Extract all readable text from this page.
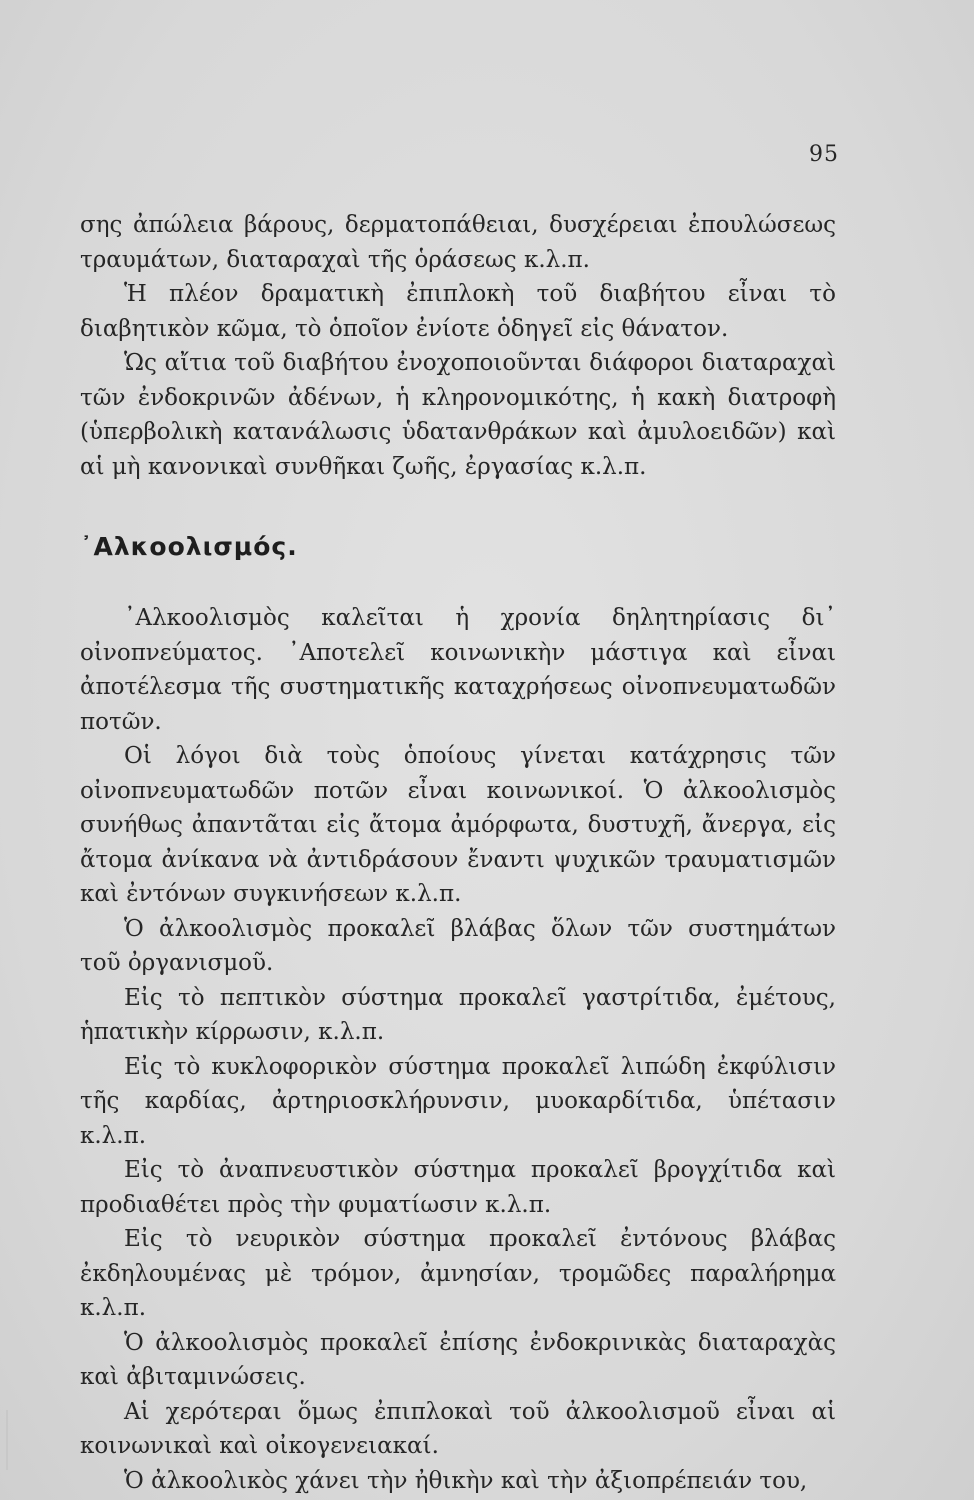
95

σης ἀπώλεια βάρους, δερματοπάθειαι, δυσχέρειαι ἐπουλώσεως τραυμάτων, διαταραχαὶ τῆς ὁράσεως κ.λ.π.

Ἡ πλέον δραματικὴ ἐπιπλοκὴ τοῦ διαβήτου εἶναι τὸ διαβητικὸν κῶμα, τὸ ὁποῖον ἐνίοτε ὁδηγεῖ εἰς θάνατον.

Ὡς αἴτια τοῦ διαβήτου ἐνοχοποιοῦνται διάφοροι διαταραχαὶ τῶν ἐνδοκρινῶν ἀδένων, ἡ κληρονομικότης, ἡ κακὴ διατροφὴ (ὑπερβολικὴ κατανάλωσις ὑδατανθράκων καὶ ἀμυλοειδῶν) καὶ αἱ μὴ κανονικαὶ συνθῆκαι ζωῆς, ἐργασίας κ.λ.π.

᾿Αλκοολισμός.

᾿Αλκοολισμὸς καλεῖται ἡ χρονία δηλητηρίασις δι᾿ οἰνοπνεύματος. ᾿Αποτελεῖ κοινωνικὴν μάστιγα καὶ εἶναι ἀποτέλεσμα τῆς συστηματικῆς καταχρήσεως οἰνοπνευματωδῶν ποτῶν.

Οἱ λόγοι διὰ τοὺς ὁποίους γίνεται κατάχρησις τῶν οἰνοπνευματωδῶν ποτῶν εἶναι κοινωνικοί. Ὁ ἀλκοολισμὸς συνήθως ἀπαντᾶται εἰς ἄτομα ἀμόρφωτα, δυστυχῆ, ἄνεργα, εἰς ἄτομα ἀνίκανα νὰ ἀντιδράσουν ἔναντι ψυχικῶν τραυματισμῶν καὶ ἐντόνων συγκινήσεων κ.λ.π.

Ὁ ἀλκοολισμὸς προκαλεῖ βλάβας ὅλων τῶν συστημάτων τοῦ ὀργανισμοῦ.

Εἰς τὸ πεπτικὸν σύστημα προκαλεῖ γαστρίτιδα, ἐμέτους, ἡπατικὴν κίρρωσιν, κ.λ.π.

Εἰς τὸ κυκλοφορικὸν σύστημα προκαλεῖ λιπώδη ἐκφύλισιν τῆς καρδίας, ἀρτηριοσκλήρυνσιν, μυοκαρδίτιδα, ὑπέτασιν κ.λ.π.

Εἰς τὸ ἀναπνευστικὸν σύστημα προκαλεῖ βρογχίτιδα καὶ προδιαθέτει πρὸς τὴν φυματίωσιν κ.λ.π.

Εἰς τὸ νευρικὸν σύστημα προκαλεῖ ἐντόνους βλάβας ἐκδηλουμένας μὲ τρόμον, ἀμνησίαν, τρομῶδες παραλήρημα κ.λ.π.

Ὁ ἀλκοολισμὸς προκαλεῖ ἐπίσης ἐνδοκρινικὰς διαταραχὰς καὶ ἀβιταμινώσεις.

Αἱ χερότεραι ὅμως ἐπιπλοκαὶ τοῦ ἀλκοολισμοῦ εἶναι αἱ κοινωνικαὶ καὶ οἰκογενειακαί.

Ὁ ἀλκοολικὸς χάνει τὴν ἠθικὴν καὶ τὴν ἀξιοπρέπειάν του,
